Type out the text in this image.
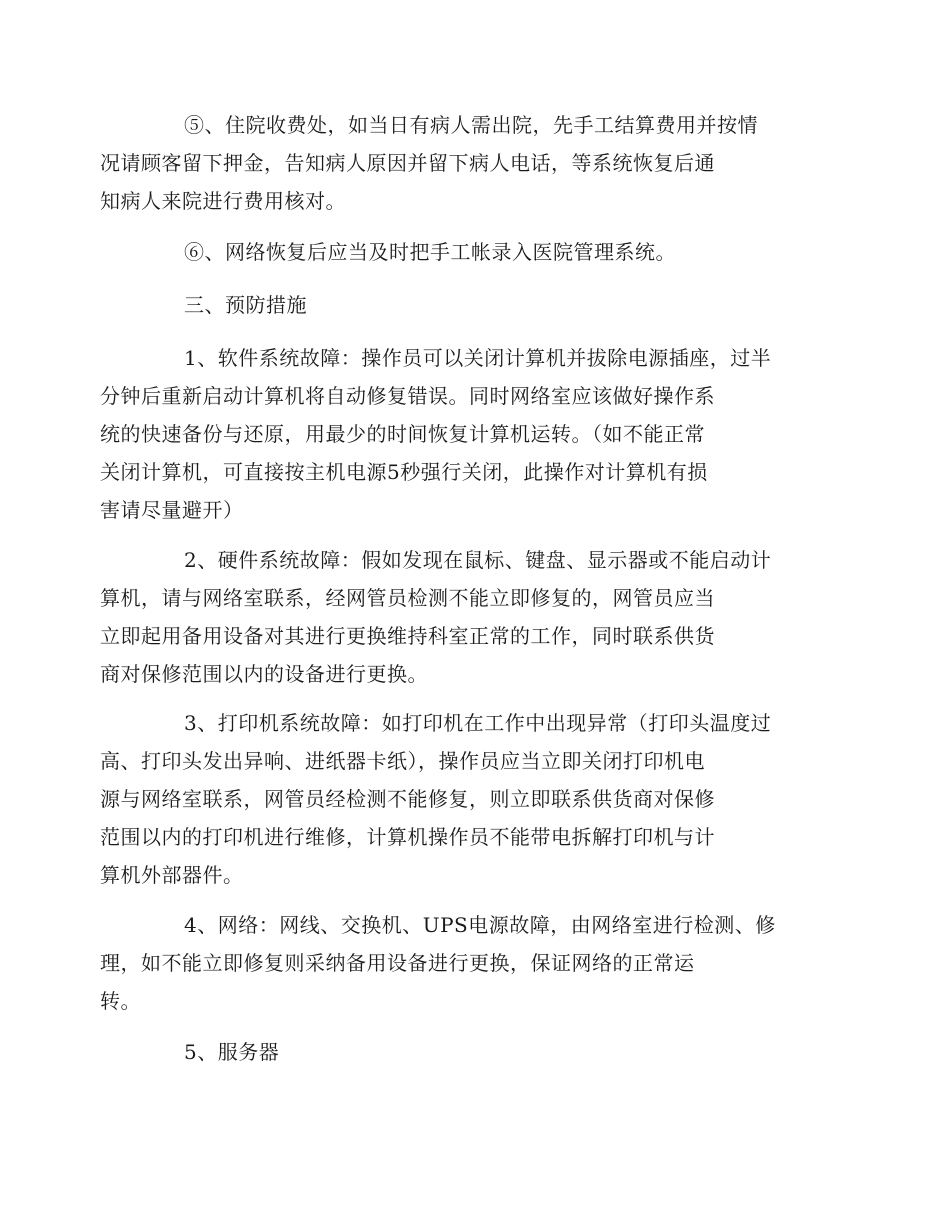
⑤、住院收费处，如当日有病人需出院，先手工结算费用并按情
况请顾客留下押金，告知病人原因并留下病人电话，等系统恢复后通
知病人来院进行费用核对。
⑥、网络恢复后应当及时把手工帐录入医院管理系统。
三、预防措施
1、软件系统故障：操作员可以关闭计算机并拔除电源插座，过半
分钟后重新启动计算机将自动修复错误。同时网络室应该做好操作系
统的快速备份与还原，用最少的时间恢复计算机运转。（如不能正常
关闭计算机，可直接按主机电源5秒强行关闭，此操作对计算机有损
害请尽量避开）
2、硬件系统故障：假如发现在鼠标、键盘、显示器或不能启动计
算机，请与网络室联系，经网管员检测不能立即修复的，网管员应当
立即起用备用设备对其进行更换维持科室正常的工作，同时联系供货
商对保修范围以内的设备进行更换。
3、打印机系统故障：如打印机在工作中出现异常（打印头温度过
高、打印头发出异响、进纸器卡纸），操作员应当立即关闭打印机电
源与网络室联系，网管员经检测不能修复，则立即联系供货商对保修
范围以内的打印机进行维修，计算机操作员不能带电拆解打印机与计
算机外部器件。
4、网络：网线、交换机、UPS电源故障，由网络室进行检测、修
理，如不能立即修复则采纳备用设备进行更换，保证网络的正常运
转。
5、服务器
